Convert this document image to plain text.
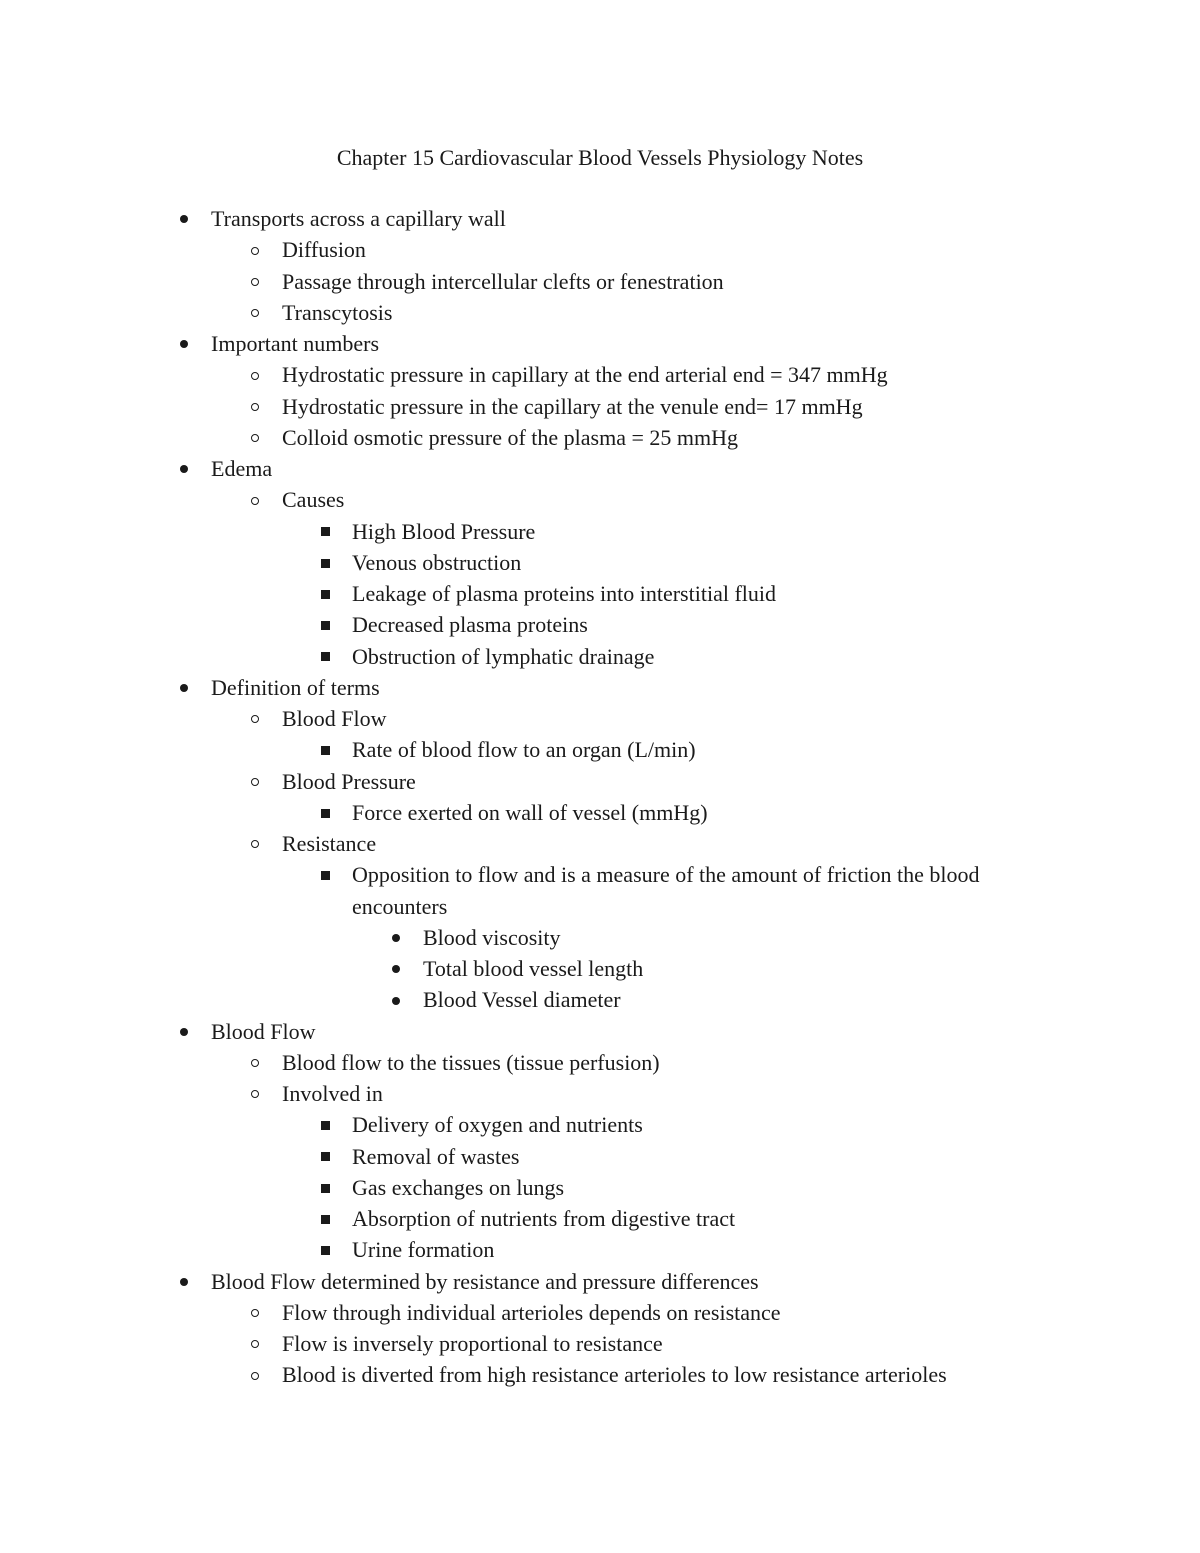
Chapter 15 Cardiovascular Blood Vessels Physiology Notes
Transports across a capillary wall
Diffusion
Passage through intercellular clefts or fenestration
Transcytosis
Important numbers
Hydrostatic pressure in capillary at the end arterial end = 347 mmHg
Hydrostatic pressure in the capillary at the venule end= 17 mmHg
Colloid osmotic pressure of the plasma = 25 mmHg
Edema
Causes
High Blood Pressure
Venous obstruction
Leakage of plasma proteins into interstitial fluid
Decreased plasma proteins
Obstruction of lymphatic drainage
Definition of terms
Blood Flow
Rate of blood flow to an organ (L/min)
Blood Pressure
Force exerted on wall of vessel (mmHg)
Resistance
Opposition to flow and is a measure of the amount of friction the blood
encounters
Blood viscosity
Total blood vessel length
Blood Vessel diameter
Blood Flow
Blood flow to the tissues (tissue perfusion)
Involved in
Delivery of oxygen and nutrients
Removal of wastes
Gas exchanges on lungs
Absorption of nutrients from digestive tract
Urine formation
Blood Flow determined by resistance and pressure differences
Flow through individual arterioles depends on resistance
Flow is inversely proportional to resistance
Blood is diverted from high resistance arterioles to low resistance arterioles
